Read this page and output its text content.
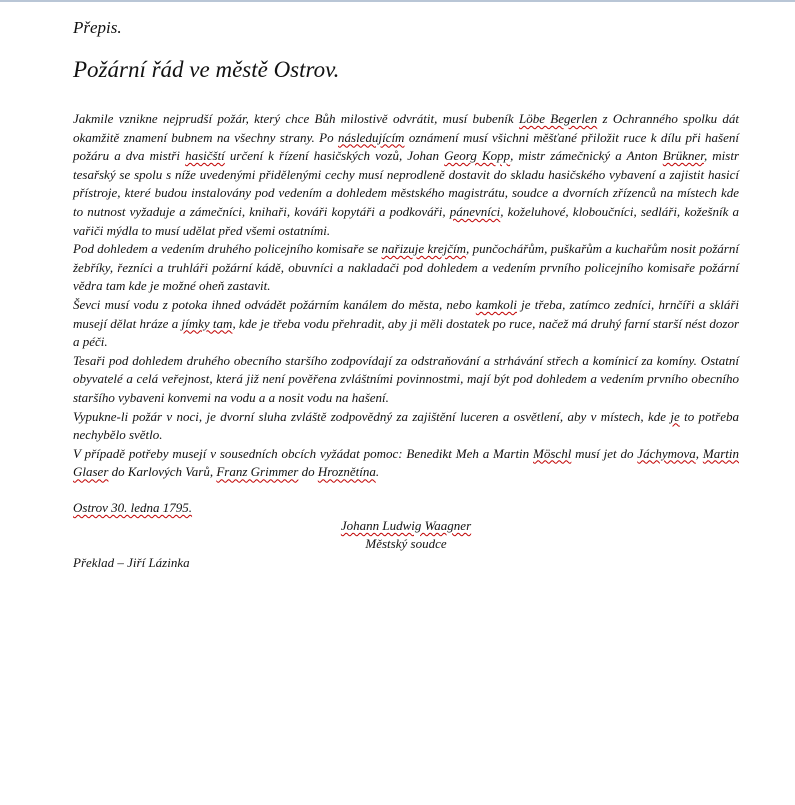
Přepis.
Požární řád ve městě Ostrov.

Jakmile vznikne nejprudší požár, který chce Bůh milostivě odvrátit, musí bubeník Löbe Begerlen z Ochranného spolku dát okamžitě znamení bubnem na všechny strany. Po následujícím oznámení musí všichni měšťané přiložit ruce k dílu při hašení požáru a dva mistři hasičští určení k řízení hasičských vozů, Johan Georg Kopp, mistr zámečnický a Anton Brükner, mistr tesařský se spolu s níže uvedenými přidělenými cechy musí neprodleně dostavit do skladu hasičského vybavení a zajistit hasicí přístroje, které budou instalovány pod vedením a dohledem městského magistrátu, soudce a dvorních zřízenců na místech kde to nutnost vyžaduje a zámečníci, knihaři, kováři kopytáři a podkováři, pánevníci, koželuhové, kloboučníci, sedláři, kožešník a vařiči mýdla to musí udělat před všemi ostatními.

Pod dohledem a vedením druhého policejního komisaře se nařizuje krejčím, punčochářům, puškařům a kuchařům nosit požární žebříky, řezníci a truhláři požární kádě, obuvníci a nakladači pod dohledem a vedením prvního policejního komisaře požární vědra tam kde je možné oheň zastavit.

Ševci musí vodu z potoka ihned odvádět požárním kanálem do města, nebo kamkoli je třeba, zatímco zedníci, hrnčíři a skláři musejí dělat hráze a jímky tam, kde je třeba vodu přehradit, aby ji měli dostatek po ruce, načež má druhý farní starší nést dozor a péči.

Tesaři pod dohledem druhého obecního staršího zodpovídají za odstraňování a strhávání střech a komínicí za komíny. Ostatní obyvatelé a celá veřejnost, která již není pověřena zvláštními povinnostmi, mají být pod dohledem a vedením prvního obecního staršího vybaveni konvemi na vodu a a nosit vodu na hašení.

Vypukne-li požár v noci, je dvorní sluha zvláště zodpovědný za zajištění luceren a osvětlení, aby v místech, kde je to potřeba nechybělo světlo.

V případě potřeby musejí v sousedních obcích vyžádat pomoc: Benedikt Meh a Martin Möschl musí jet do Jáchymova, Martin Glaser do Karlových Varů, Franz Grimmer do Hroznětína.

Ostrov 30. ledna 1795.
Johann Ludwig Waagner
Městský soudce
Překlad – Jiří Lázinka
